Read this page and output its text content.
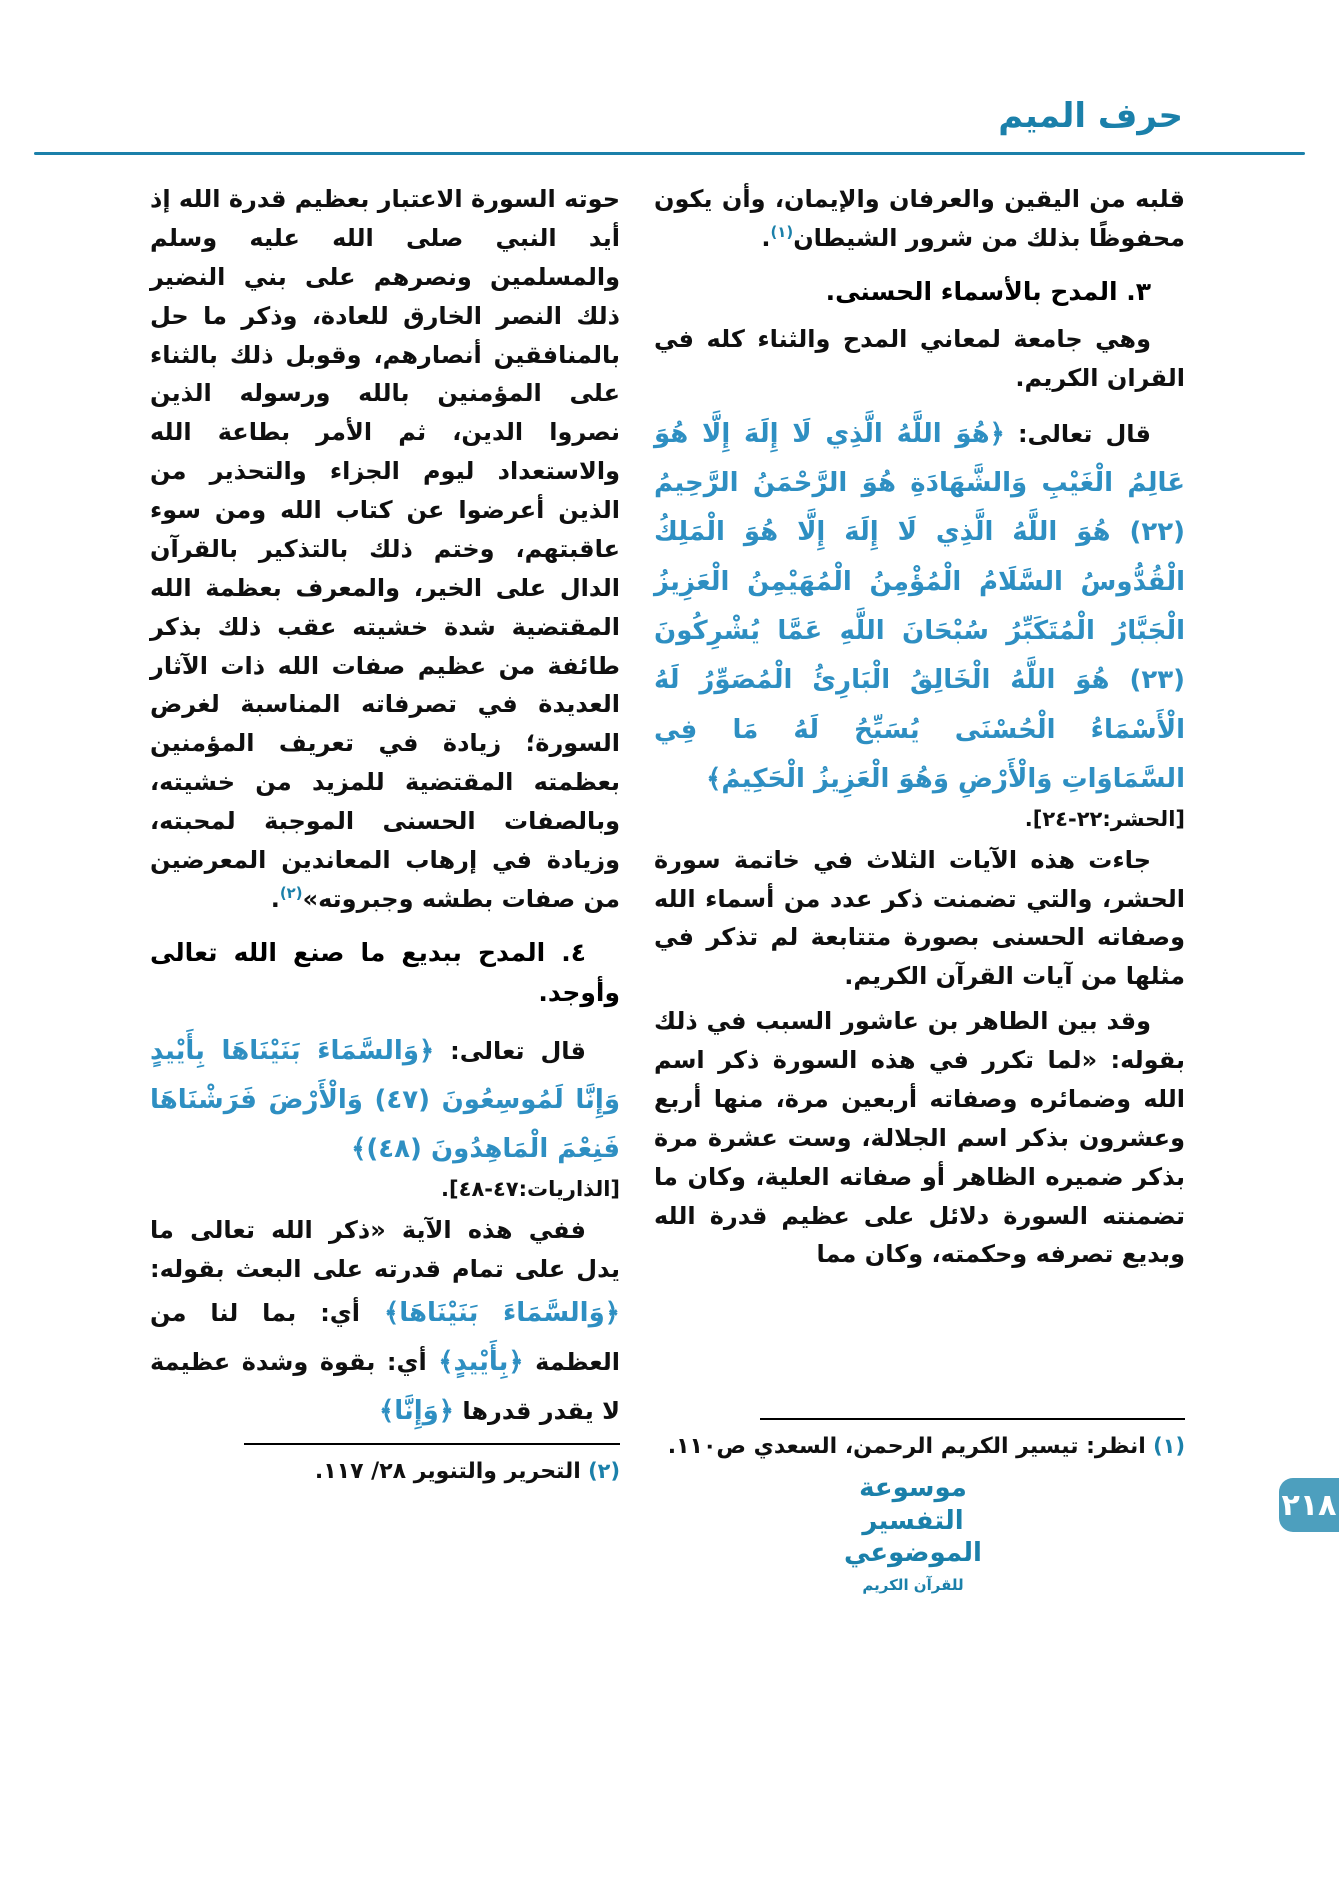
حرف الميم

قلبه من اليقين والعرفان والإيمان، وأن يكون محفوظًا بذلك من شرور الشيطان$^{(١)}$.

٣. المدح بالأسماء الحسنى.

وهي جامعة لمعاني المدح والثناء كله في القران الكريم.

قال تعالى: ﴿هُوَ اللَّهُ الَّذِي لَا إِلَهَ إِلَّا هُوَ عَالِمُ الْغَيْبِ وَالشَّهَادَةِ هُوَ الرَّحْمَنُ الرَّحِيمُ (٢٢) هُوَ اللَّهُ الَّذِي لَا إِلَهَ إِلَّا هُوَ الْمَلِكُ الْقُدُّوسُ السَّلَامُ الْمُؤْمِنُ الْمُهَيْمِنُ الْعَزِيزُ الْجَبَّارُ الْمُتَكَبِّرُ سُبْحَانَ اللَّهِ عَمَّا يُشْرِكُونَ (٢٣) هُوَ اللَّهُ الْخَالِقُ الْبَارِئُ الْمُصَوِّرُ لَهُ الْأَسْمَاءُ الْحُسْنَى يُسَبِّحُ لَهُ مَا فِي السَّمَاوَاتِ وَالْأَرْضِ وَهُوَ الْعَزِيزُ الْحَكِيمُ﴾

[الحشر:٢٢-٢٤].

جاءت هذه الآيات الثلاث في خاتمة سورة الحشر، والتي تضمنت ذكر عدد من أسماء الله وصفاته الحسنى بصورة متتابعة لم تذكر في مثلها من آيات القرآن الكريم.

وقد بين الطاهر بن عاشور السبب في ذلك بقوله: «لما تكرر في هذه السورة ذكر اسم الله وضمائره وصفاته أربعين مرة، منها أربع وعشرون بذكر اسم الجلالة، وست عشرة مرة بذكر ضميره الظاهر أو صفاته العلية، وكان ما تضمنته السورة دلائل على عظيم قدرة الله وبديع تصرفه وحكمته، وكان مما

(١) انظر: تيسير الكريم الرحمن، السعدي ص١١٠.

حوته السورة الاعتبار بعظيم قدرة الله إذ أيد النبي صلى الله عليه وسلم والمسلمين ونصرهم على بني النضير ذلك النصر الخارق للعادة، وذكر ما حل بالمنافقين أنصارهم، وقوبل ذلك بالثناء على المؤمنين بالله ورسوله الذين نصروا الدين، ثم الأمر بطاعة الله والاستعداد ليوم الجزاء والتحذير من الذين أعرضوا عن كتاب الله ومن سوء عاقبتهم، وختم ذلك بالتذكير بالقرآن الدال على الخير، والمعرف بعظمة الله المقتضية شدة خشيته عقب ذلك بذكر طائفة من عظيم صفات الله ذات الآثار العديدة في تصرفاته المناسبة لغرض السورة؛ زيادة في تعريف المؤمنين بعظمته المقتضية للمزيد من خشيته، وبالصفات الحسنى الموجبة لمحبته، وزيادة في إرهاب المعاندين المعرضين من صفات بطشه وجبروته»$^{(٢)}$.

٤. المدح ببديع ما صنع الله تعالى وأوجد.

قال تعالى: ﴿وَالسَّمَاءَ بَنَيْنَاهَا بِأَيْيدٍ وَإِنَّا لَمُوسِعُونَ (٤٧) وَالْأَرْضَ فَرَشْنَاهَا فَنِعْمَ الْمَاهِدُونَ (٤٨)﴾

[الذاريات:٤٧-٤٨].

ففي هذه الآية «ذكر الله تعالى ما يدل على تمام قدرته على البعث بقوله: ﴿وَالسَّمَاءَ بَنَيْنَاهَا﴾ أي: بما لنا من العظمة ﴿بِأَيْيدٍ﴾ أي: بقوة وشدة عظيمة لا يقدر قدرها ﴿وَإِنَّا﴾

(٢) التحرير والتنوير ٢٨/ ١١٧.

موسوعة التفسير الموضوعي
للقرآن الكريم
٢١٨
